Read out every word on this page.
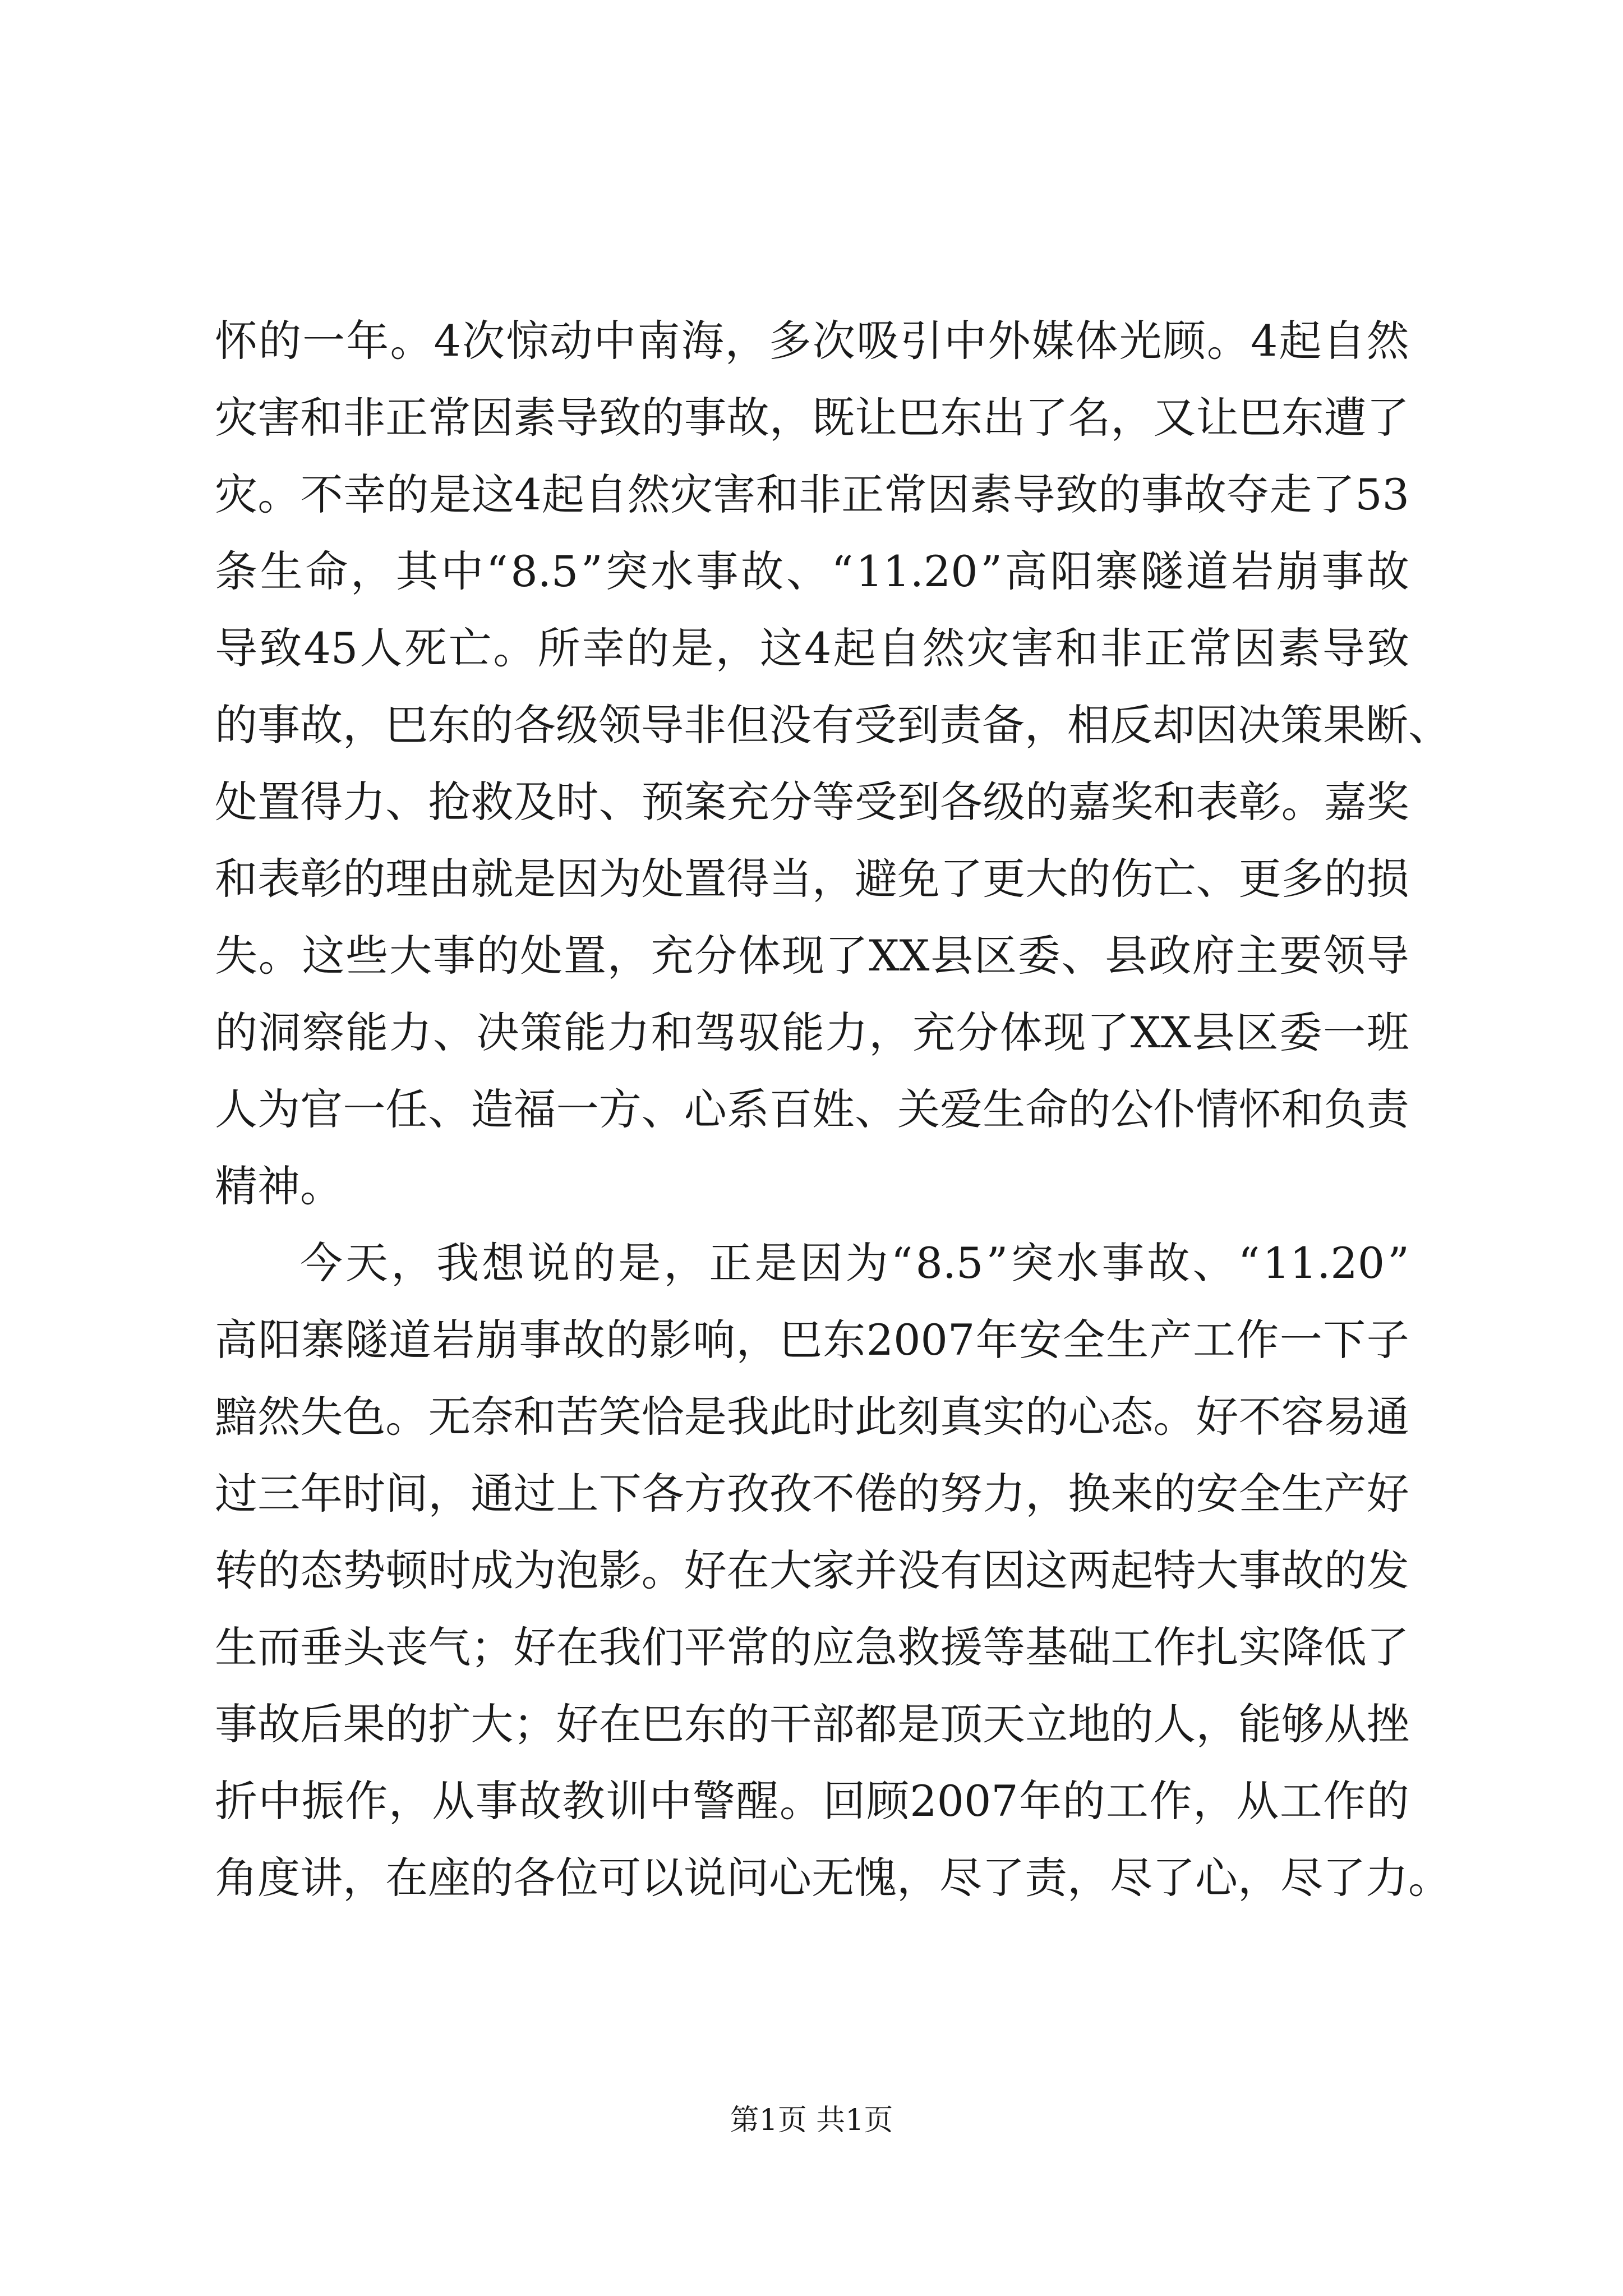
怀 的 一 年 。 4 次 惊 动 中 南 海 ， 多 次 吸 引 中 外 媒 体 光 顾 。 4 起 自 然
灾 害 和 非 正 常 因 素 导 致 的 事 故 ， 既 让 巴 东 出 了 名 ， 又 让 巴 东 遭 了
灾 。 不 幸 的 是 这 4 起 自 然 灾 害 和 非 正 常 因 素 导 致 的 事 故 夺 走 了 53
条 生 命 ， 其 中 “ 8.5 ” 突 水 事 故 、 “ 11.20 ” 高 阳 寨 隧 道 岩 崩 事 故
导 致 45 人 死 亡 。 所 幸 的 是 ， 这 4 起 自 然 灾 害 和 非 正 常 因 素 导 致
的 事 故 ， 巴 东 的 各 级 领 导 非 但 没 有 受 到 责 备 ， 相 反 却 因 决 策 果 断 、
处 置 得 力 、 抢 救 及 时 、 预 案 充 分 等 受 到 各 级 的 嘉 奖 和 表 彰 。 嘉 奖
和 表 彰 的 理 由 就 是 因 为 处 置 得 当 ， 避 免 了 更 大 的 伤 亡 、 更 多 的 损
失 。 这 些 大 事 的 处 置 ， 充 分 体 现 了 XX 县 区 委 、 县 政 府 主 要 领 导
的 洞 察 能 力 、 决 策 能 力 和 驾 驭 能 力 ， 充 分 体 现 了 XX 县 区 委 一 班
人 为 官 一 任 、 造 福 一 方 、 心 系 百 姓 、 关 爱 生 命 的 公 仆 情 怀 和 负 责
精神。
今 天 ， 我 想 说 的 是 ， 正 是 因 为 “ 8.5 ” 突 水 事 故 、 “ 11.20 ”
高 阳 寨 隧 道 岩 崩 事 故 的 影 响 ， 巴 东 2007 年 安 全 生 产 工 作 一 下 子
黯 然 失 色 。 无 奈 和 苦 笑 恰 是 我 此 时 此 刻 真 实 的 心 态 。 好 不 容 易 通
过 三 年 时 间 ， 通 过 上 下 各 方 孜 孜 不 倦 的 努 力 ， 换 来 的 安 全 生 产 好
转 的 态 势 顿 时 成 为 泡 影 。 好 在 大 家 并 没 有 因 这 两 起 特 大 事 故 的 发
生 而 垂 头 丧 气 ； 好 在 我 们 平 常 的 应 急 救 援 等 基 础 工 作 扎 实 降 低 了
事 故 后 果 的 扩 大 ； 好 在 巴 东 的 干 部 都 是 顶 天 立 地 的 人 ， 能 够 从 挫
折 中 振 作 ， 从 事 故 教 训 中 警 醒 。 回 顾 2007 年 的 工 作 ， 从 工 作 的
角 度 讲 ， 在 座 的 各 位 可 以 说 问 心 无 愧 ， 尽 了 责 ， 尽 了 心 ， 尽 了 力 。
第1页 共1页
